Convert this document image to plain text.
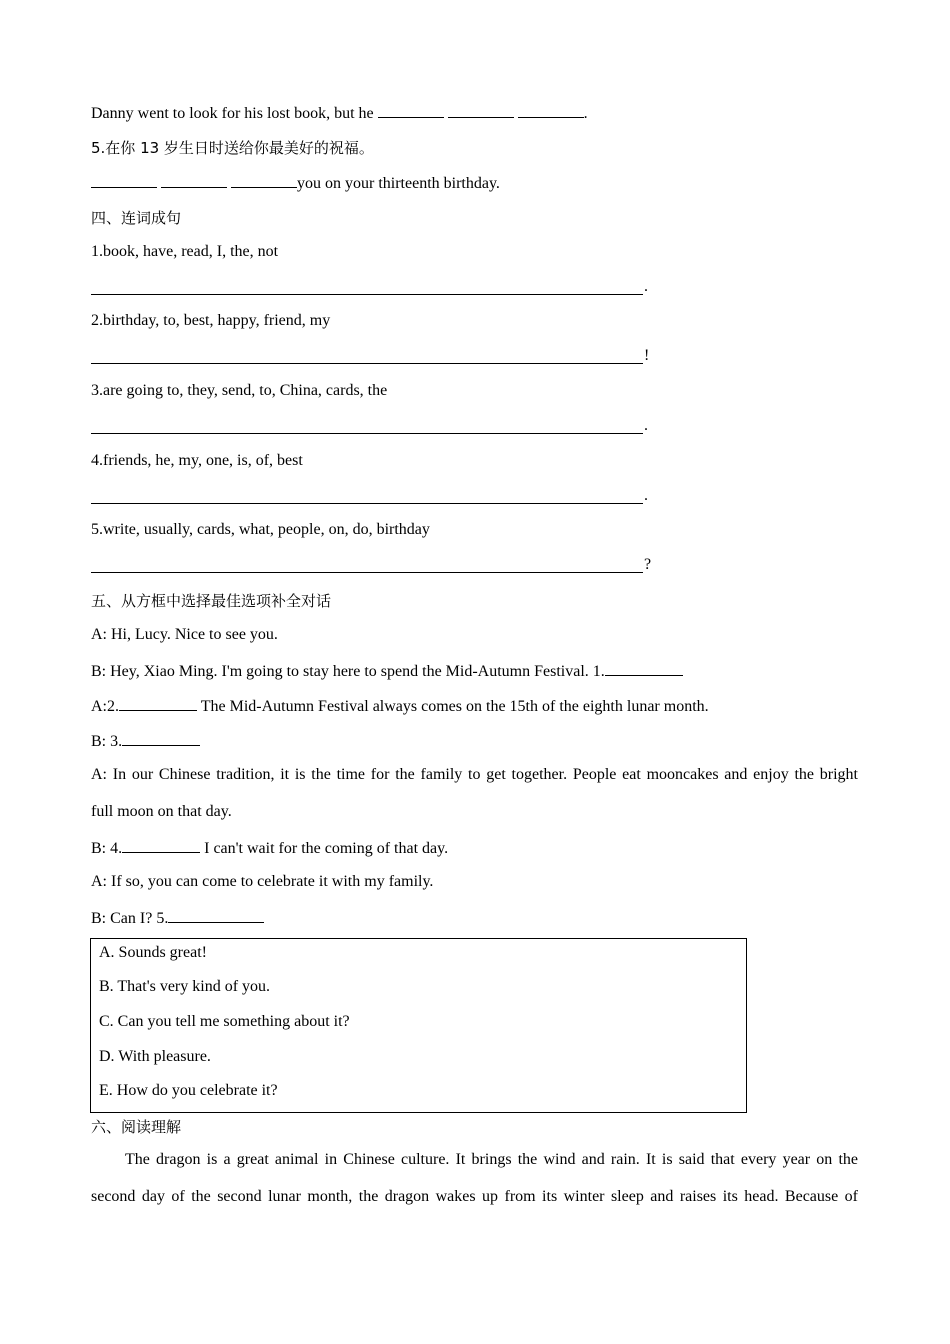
Danny went to look for his lost book, but he	.
5.在你 13 岁生日时送给你最美好的祝福。
you on your thirteenth birthday.
四、连词成句
1.book, have, read, I, the, not
.
2.birthday, to, best, happy, friend, my
!
3.are going to, they, send, to, China, cards, the
.
4.friends, he, my, one, is, of, best
.
5.write, usually, cards, what, people, on, do, birthday
?
五、从方框中选择最佳选项补全对话
A: Hi, Lucy. Nice to see you.
B: Hey, Xiao Ming. I'm going to stay here to spend the Mid-Autumn Festival. 1.
A:2.	The Mid-Autumn Festival always comes on the 15th of the eighth lunar month.
B: 3.
A: In our Chinese tradition, it is the time for the family to get together. People eat mooncakes and enjoy the bright
full moon on that day.
B: 4.	I can't wait for the coming of that day.
A: If so, you can come to celebrate it with my family.
B: Can I? 5.
A. Sounds great!
B. That's very kind of you.
C. Can you tell me something about it?
D. With pleasure.
E. How do you celebrate it?
六、阅读理解
The dragon is a great animal in Chinese culture. It brings the wind and rain. It is said that every year on the
second day of the second lunar month, the dragon wakes up from its winter sleep and raises its head. Because of
